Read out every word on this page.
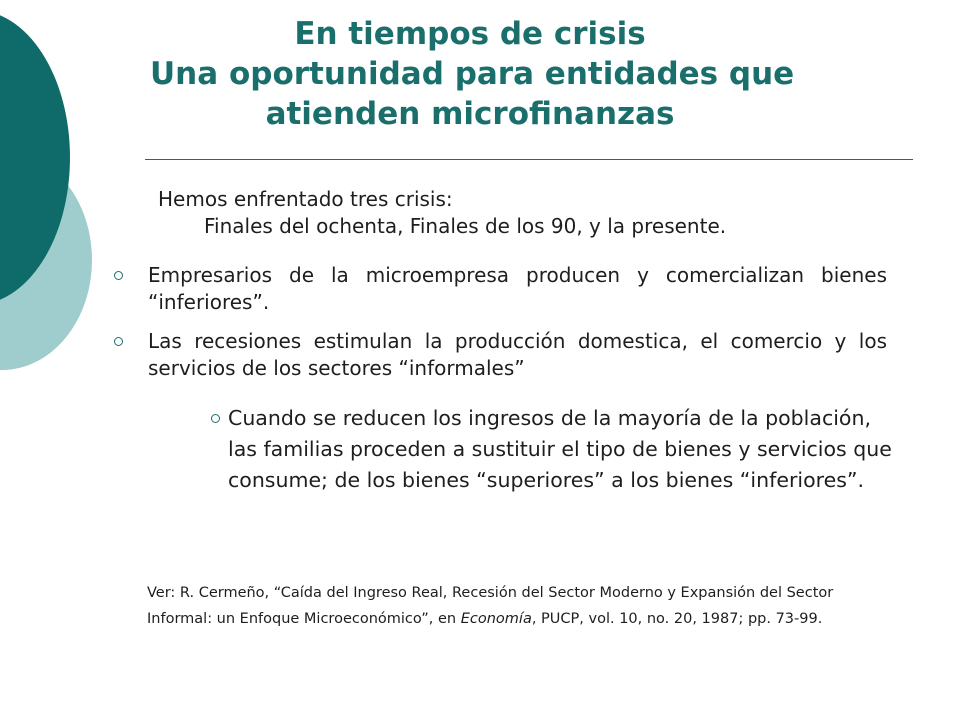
En tiempos de crisis
Una oportunidad para entidades que
atienden microfinanzas
Hemos enfrentado tres crisis:
Finales del ochenta, Finales de los 90, y la presente.
Empresarios de la microempresa producen y comercializan bienes “inferiores”.
Las recesiones estimulan la producción domestica, el comercio y los servicios de los sectores “informales”
Cuando se reducen los ingresos de la mayoría de la población, las familias proceden a sustituir el tipo de bienes y servicios que consume; de los bienes “superiores” a los bienes “inferiores”.
Ver: R. Cermeño, “Caída del Ingreso Real, Recesión del Sector Moderno y Expansión del Sector Informal: un Enfoque Microeconómico”, en Economía, PUCP, vol. 10, no. 20, 1987; pp. 73-99.
